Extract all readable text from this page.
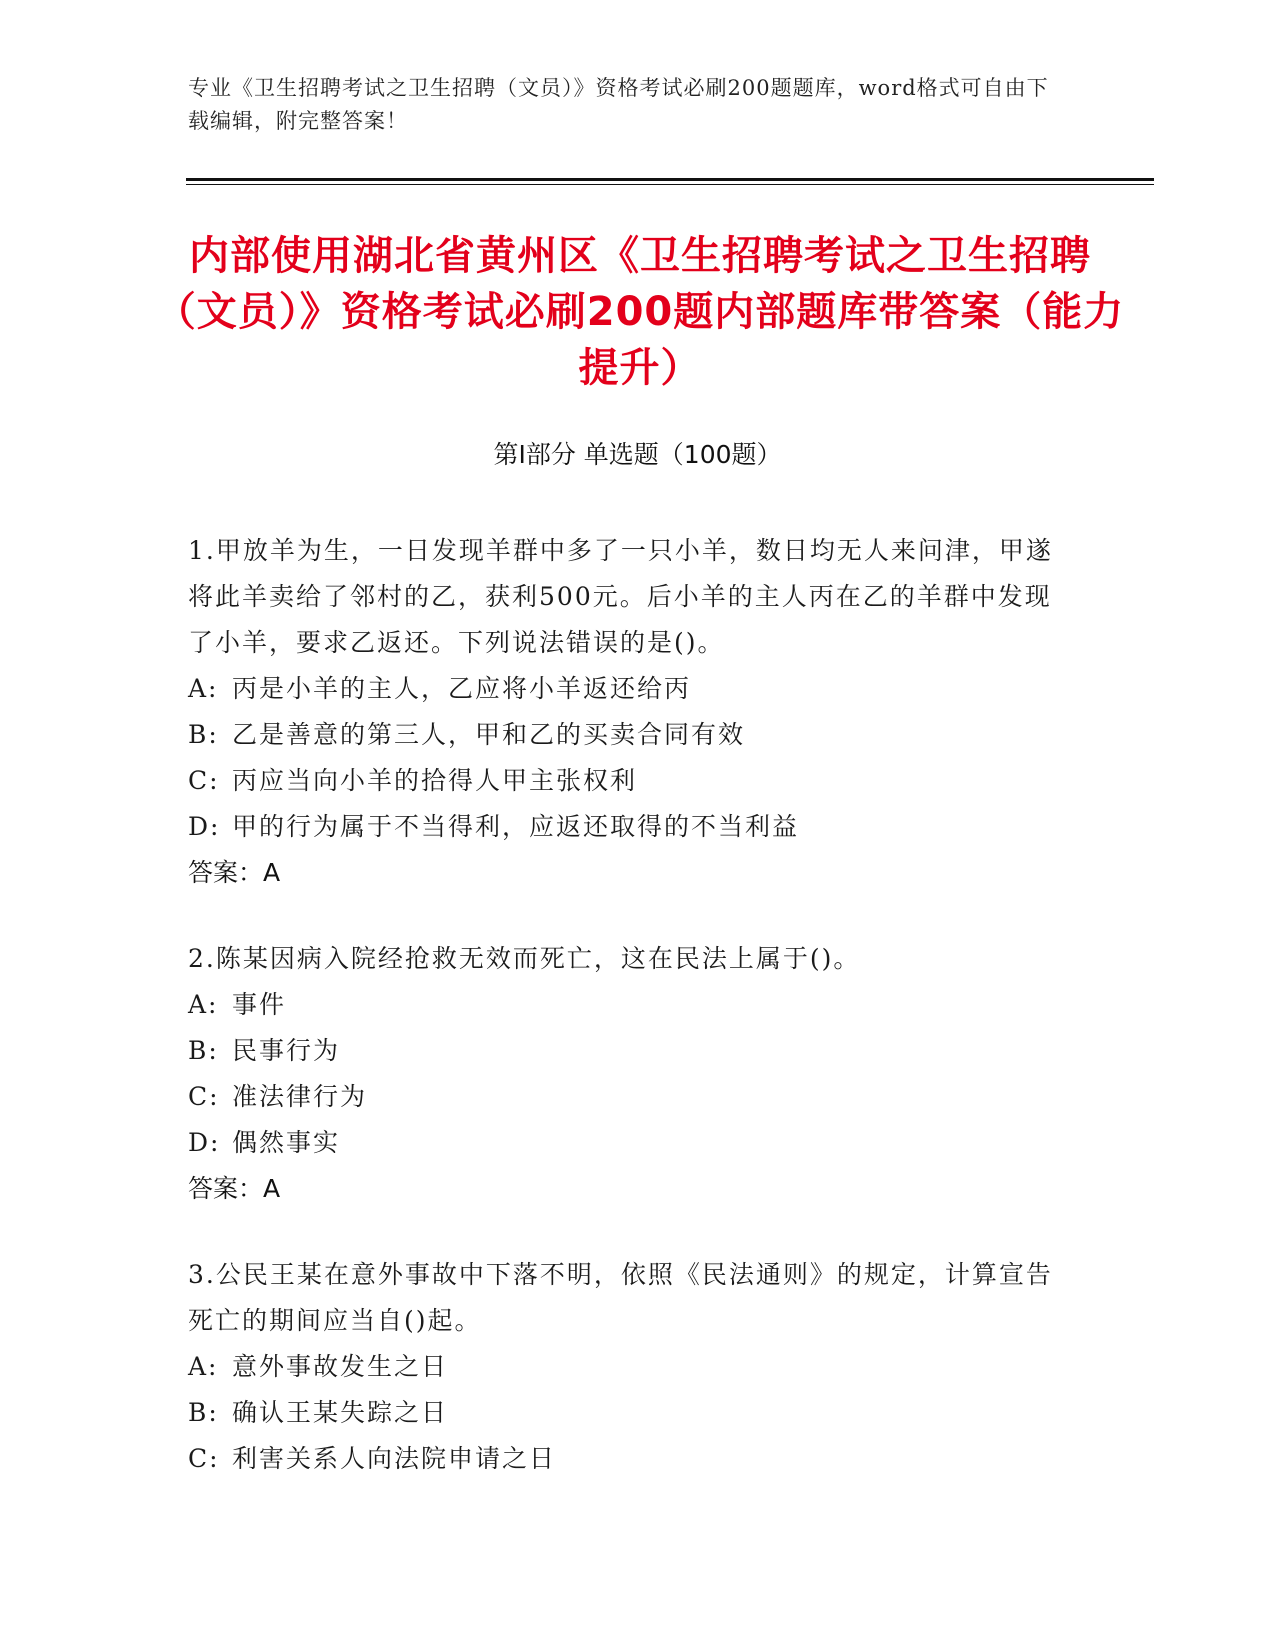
专业《卫生招聘考试之卫生招聘（文员）》资格考试必刷200题题库，word格式可自由下载编辑，附完整答案！
内部使用湖北省黄州区《卫生招聘考试之卫生招聘（文员）》资格考试必刷200题内部题库带答案（能力提升）
第Ⅰ部分 单选题（100题）
1.甲放羊为生，一日发现羊群中多了一只小羊，数日均无人来问津，甲遂将此羊卖给了邻村的乙，获利500元。后小羊的主人丙在乙的羊群中发现了小羊，要求乙返还。下列说法错误的是()。
A: 丙是小羊的主人，乙应将小羊返还给丙
B: 乙是善意的第三人，甲和乙的买卖合同有效
C: 丙应当向小羊的拾得人甲主张权利
D: 甲的行为属于不当得利，应返还取得的不当利益
答案：A
2.陈某因病入院经抢救无效而死亡，这在民法上属于()。
A: 事件
B: 民事行为
C: 准法律行为
D: 偶然事实
答案：A
3.公民王某在意外事故中下落不明，依照《民法通则》的规定，计算宣告死亡的期间应当自()起。
A: 意外事故发生之日
B: 确认王某失踪之日
C: 利害关系人向法院申请之日
